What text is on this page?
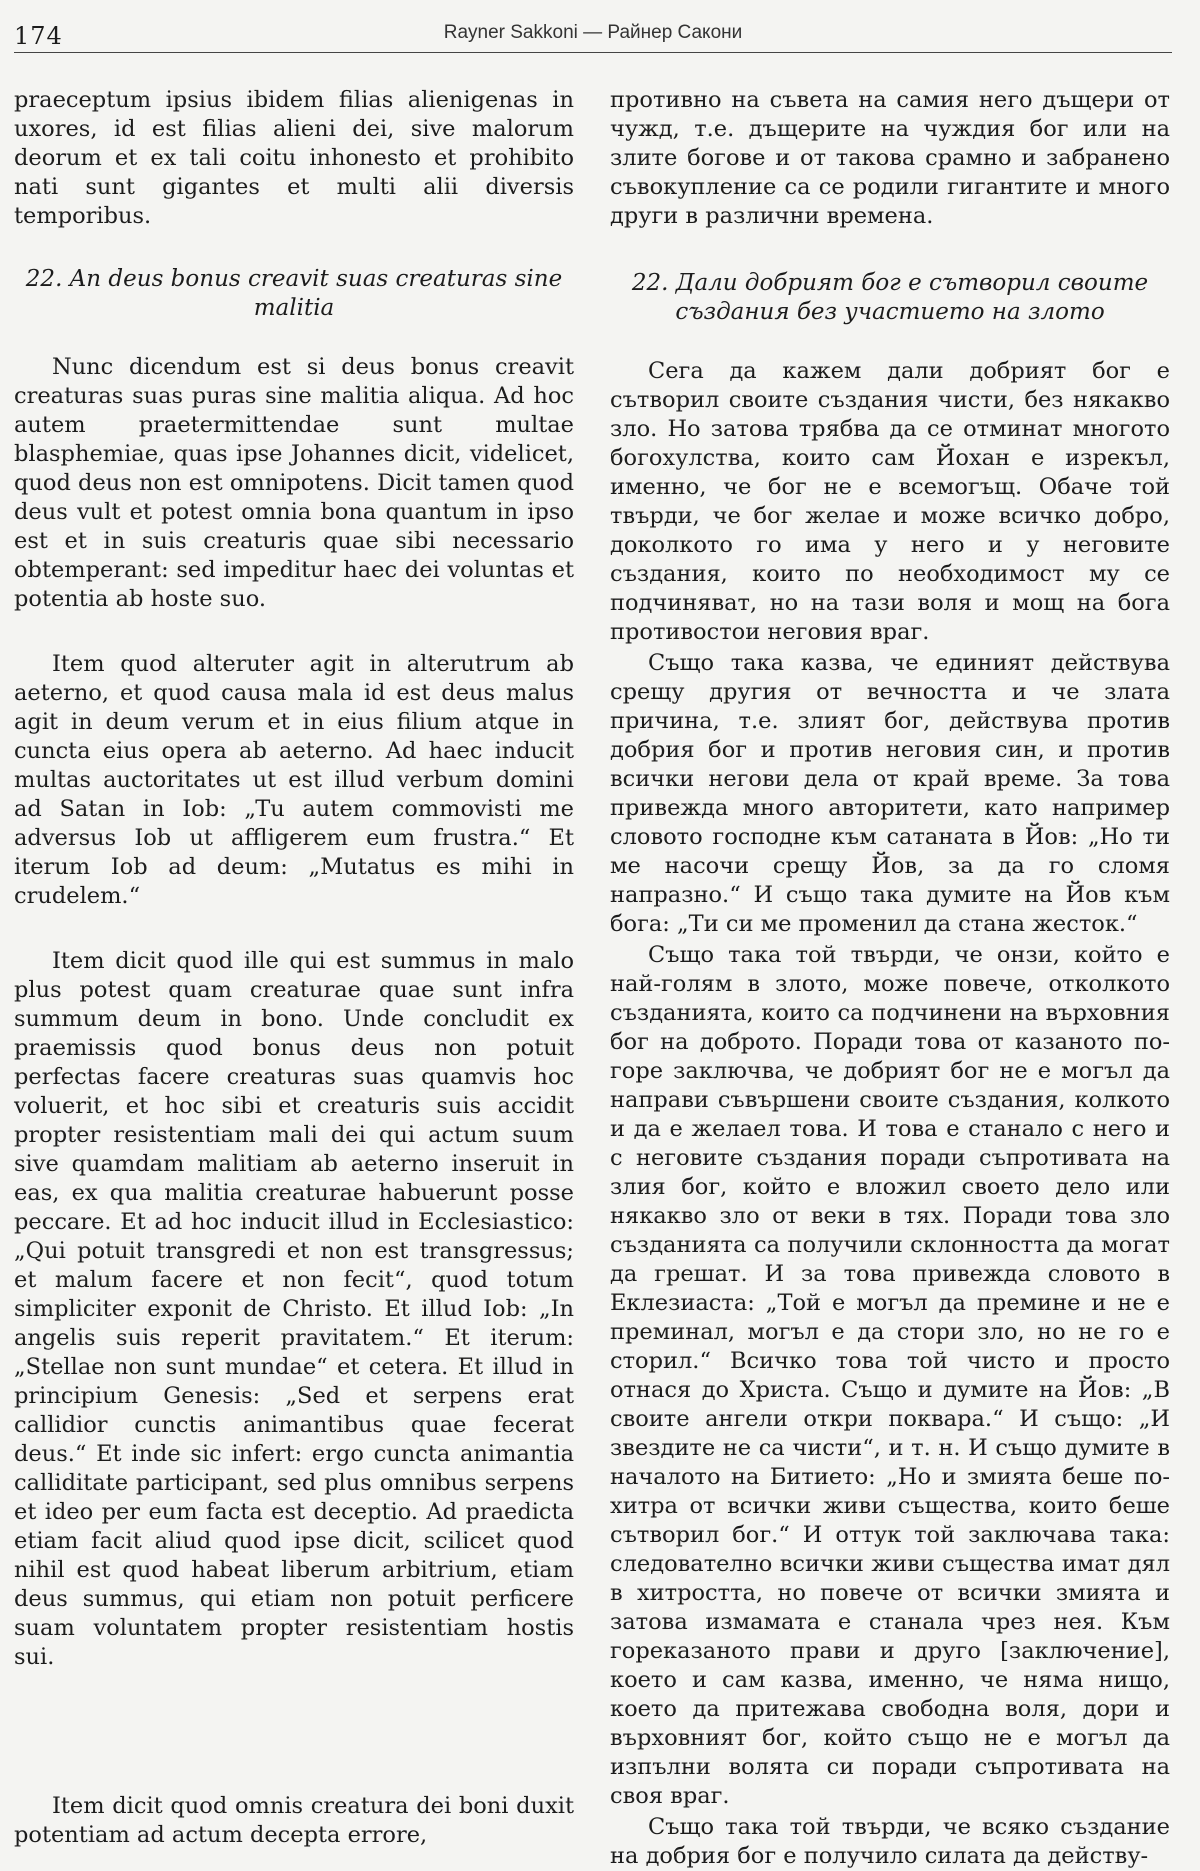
174	Rayner Sakkoni — Райнер Сакони

praeceptum ipsius ibidem filias alienigenas in uxores, id est filias alieni dei, sive malorum deorum et ex tali coitu inhonesto et prohibito nati sunt gigantes et multi alii diversis temporibus.

22. An deus bonus creavit suas creaturas sine malitia

Nunc dicendum est si deus bonus creavit creaturas suas puras sine malitia aliqua. Ad hoc autem praetermittendae sunt multae blasphemiae, quas ipse Johannes dicit, videlicet, quod deus non est omnipotens. Dicit tamen quod deus vult et potest omnia bona quantum in ipso est et in suis creaturis quae sibi necessario obtemperant: sed impeditur haec dei voluntas et potentia ab hoste suo.

Item quod alteruter agit in alterutrum ab aeterno, et quod causa mala id est deus malus agit in deum verum et in eius filium atque in cuncta eius opera ab aeterno. Ad haec inducit multas auctoritates ut est illud verbum domini ad Satan in Iob: „Tu autem commovisti me adversus Iob ut affligerem eum frustra.“ Et iterum Iob ad deum: „Mutatus es mihi in crudelem.“

Item dicit quod ille qui est summus in malo plus potest quam creaturae quae sunt infra summum deum in bono. Unde concludit ex praemissis quod bonus deus non potuit perfectas facere creaturas suas quamvis hoc voluerit, et hoc sibi et creaturis suis accidit propter resistentiam mali dei qui actum suum sive quamdam malitiam ab aeterno inseruit in eas, ex qua malitia creaturae habuerunt posse peccare. Et ad hoc inducit illud in Ecclesiastico: „Qui potuit transgredi et non est transgressus; et malum facere et non fecit“, quod totum simpliciter exponit de Christo. Et illud Iob: „In angelis suis reperit pravitatem.“ Et iterum: „Stellae non sunt mundae“ et cetera. Et illud in principium Genesis: „Sed et serpens erat callidior cunctis animantibus quae fecerat deus.“ Et inde sic infert: ergo cuncta animantia calliditate participant, sed plus omnibus serpens et ideo per eum facta est deceptio. Ad praedicta etiam facit aliud quod ipse dicit, scilicet quod nihil est quod habeat liberum arbitrium, etiam deus summus, qui etiam non potuit perficere suam voluntatem propter resistentiam hostis sui.

Item dicit quod omnis creatura dei boni duxit potentiam ad actum decepta errore,

противно на съвета на самия него дъщери от чужд, т.е. дъщерите на чуждия бог или на злите богове и от такова срамно и забранено съвокупление са се родили гигантите и много други в различни времена.

22. Дали добрият бог е сътворил своите създания без участието на злото

Сега да кажем дали добрият бог е сътворил своите създания чисти, без някакво зло. Но затова трябва да се отминат многото богохулства, които сам Йохан е изрекъл, именно, че бог не е всемогъщ. Обаче той твърди, че бог желае и може всичко добро, доколкото го има у него и у неговите създания, които по необходимост му се подчиняват, но на тази воля и мощ на бога противостои неговия враг.

Също така казва, че единият действува срещу другия от вечността и че злата причина, т.е. злият бог, действува против добрия бог и против неговия син, и против всички негови дела от край време. За това привежда много авторитети, като например словото господне към сатаната в Йов: „Но ти ме насочи срещу Йов, за да го сломя напразно.“ И също така думите на Йов към бога: „Ти си ме променил да стана жесток.“

Също така той твърди, че онзи, който е най-голям в злото, може повече, отколкото създанията, които са подчинени на върховния бог на доброто. Поради това от казаното по-горе заключва, че добрият бог не е могъл да направи съвършени своите създания, колкото и да е желаел това. И това е станало с него и с неговите създания поради съпротивата на злия бог, който е вложил своето дело или някакво зло от веки в тях. Поради това зло създанията са получили склонността да могат да грешат. И за това привежда словото в Еклезиаста: „Той е могъл да премине и не е преминал, могъл е да стори зло, но не го е сторил.“ Всичко това той чисто и просто отнася до Христа. Също и думите на Йов: „В своите ангели откри поквара.“ И също: „И звездите не са чисти“, и т. н. И също думите в началото на Битието: „Но и змията беше по-хитра от всички живи същества, които беше сътворил бог.“ И оттук той заключава така: следователно всички живи същества имат дял в хитростта, но повече от всички змията и затова измамата е станала чрез нея. Към гореказаното прави и друго [заключение], което и сам казва, именно, че няма нищо, което да притежава свободна воля, дори и върховният бог, който също не е могъл да изпълни волята си поради съпротивата на своя враг.

Също така той твърди, че всяко създание на добрия бог е получило силата да действу-
